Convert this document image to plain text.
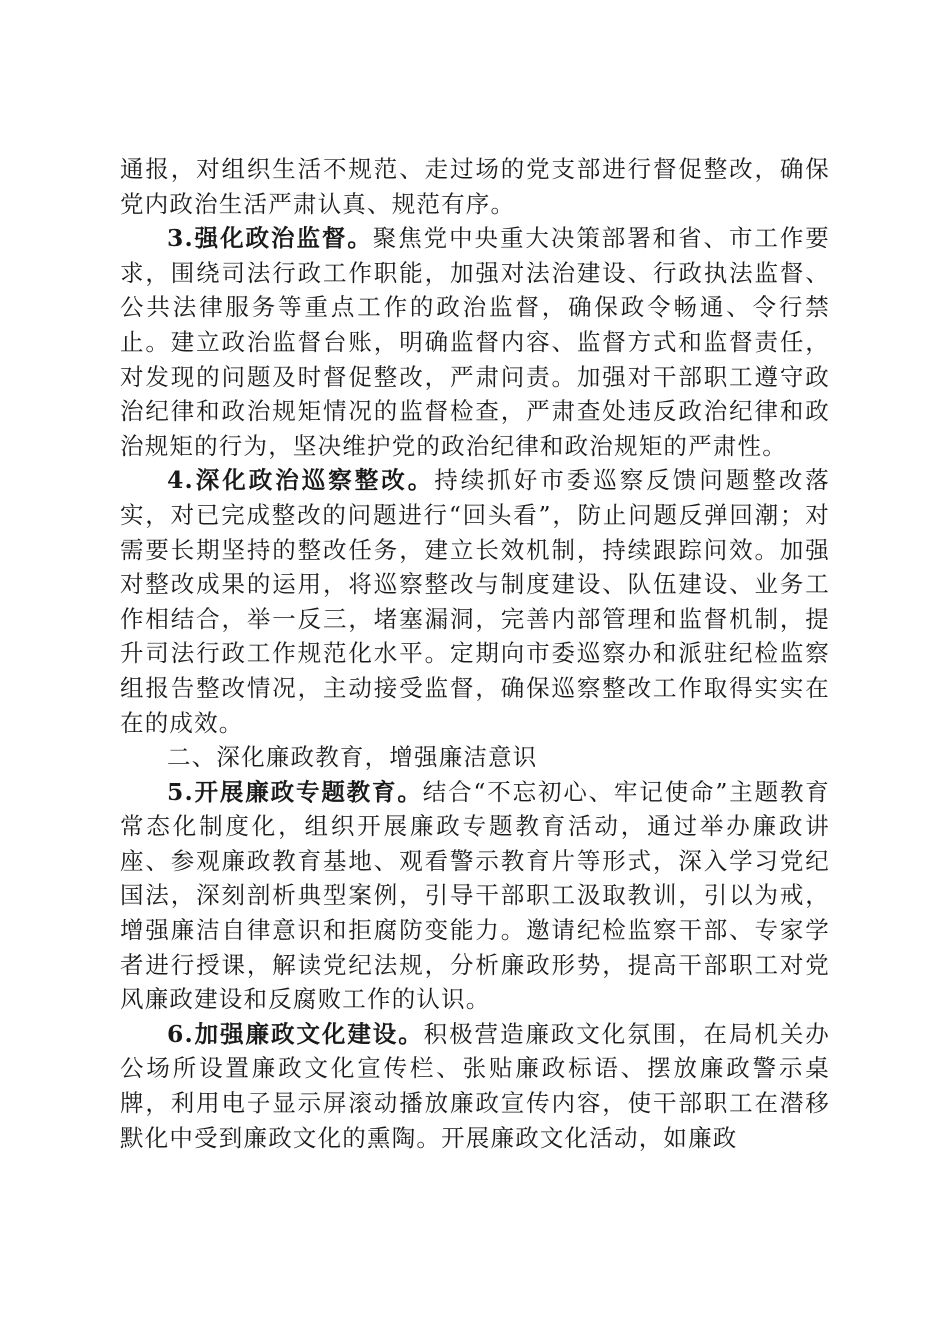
通报，对组织生活不规范、走过场的党支部进行督促整改，确保党内政治生活严肃认真、规范有序。

3.强化政治监督。聚焦党中央重大决策部署和省、市工作要求，围绕司法行政工作职能，加强对法治建设、行政执法监督、公共法律服务等重点工作的政治监督，确保政令畅通、令行禁止。建立政治监督台账，明确监督内容、监督方式和监督责任，对发现的问题及时督促整改，严肃问责。加强对干部职工遵守政治纪律和政治规矩情况的监督检查，严肃查处违反政治纪律和政治规矩的行为，坚决维护党的政治纪律和政治规矩的严肃性。

4.深化政治巡察整改。持续抓好市委巡察反馈问题整改落实，对已完成整改的问题进行“回头看”，防止问题反弹回潮；对需要长期坚持的整改任务，建立长效机制，持续跟踪问效。加强对整改成果的运用，将巡察整改与制度建设、队伍建设、业务工作相结合，举一反三，堵塞漏洞，完善内部管理和监督机制，提升司法行政工作规范化水平。定期向市委巡察办和派驻纪检监察组报告整改情况，主动接受监督，确保巡察整改工作取得实实在在的成效。

二、深化廉政教育，增强廉洁意识

5.开展廉政专题教育。结合“不忘初心、牢记使命”主题教育常态化制度化，组织开展廉政专题教育活动，通过举办廉政讲座、参观廉政教育基地、观看警示教育片等形式，深入学习党纪国法，深刻剖析典型案例，引导干部职工汲取教训，引以为戒，增强廉洁自律意识和拒腐防变能力。邀请纪检监察干部、专家学者进行授课，解读党纪法规，分析廉政形势，提高干部职工对党风廉政建设和反腐败工作的认识。

6.加强廉政文化建设。积极营造廉政文化氛围，在局机关办公场所设置廉政文化宣传栏、张贴廉政标语、摆放廉政警示桌牌，利用电子显示屏滚动播放廉政宣传内容，使干部职工在潜移默化中受到廉政文化的熏陶。开展廉政文化活动，如廉政
